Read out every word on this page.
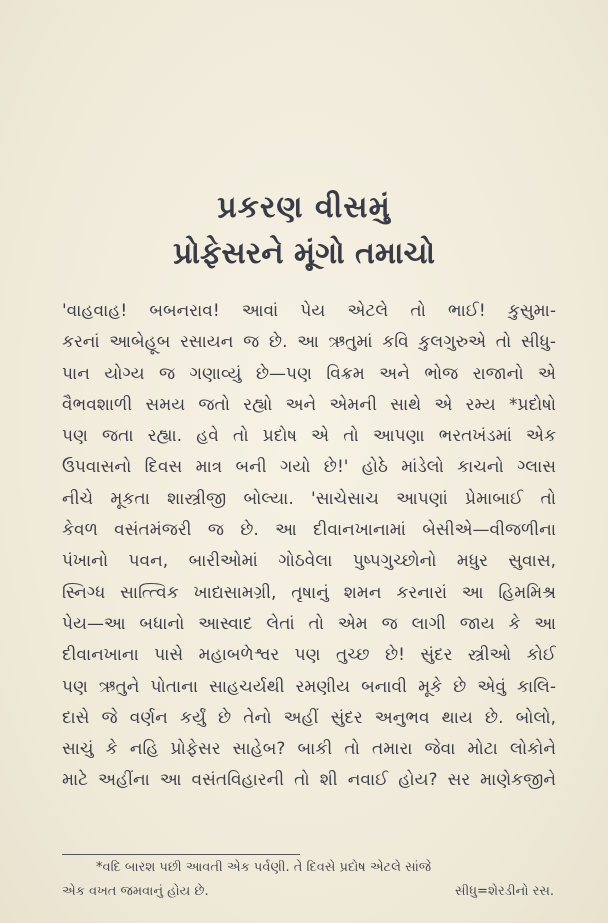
પ્રકરણ વીસમું
પ્રોફેસરને મૂંગો તમાચો
'વાહવાહ! બબનરાવ! આવાં પેય એટલે તો ભાઈ! કુસુમા-
કરનાં આબેહૂબ રસાયન જ છે. આ ઋતુમાં કવિ કુલગુરુએ તો સીધુ-
પાન યોગ્ય જ ગણાવ્યું છે—પણ વિક્રમ અને ભોજ રાજાનો એ
વૈભવશાળી સમય જતો રહ્યો અને એમની સાથે એ રમ્ય *પ્રદોષો
પણ જતા રહ્યા. હવે તો પ્રદોષ એ તો આપણા ભરતખંડમાં એક
ઉપવાસનો દિવસ માત્ર બની ગયો છે!' હોઠે માંડેલો કાચનો ગ્લાસ
નીચે મૂકતા શાસ્ત્રીજી બોલ્યા. 'સાચેસાચ આપણાં પ્રેમાબાઈ તો
કેવળ વસંતમંજરી જ છે. આ દીવાનખાનામાં બેસીએ—વીજળીના
પંખાનો પવન, બારીઓમાં ગોઠવેલા પુષ્પગુચ્છોનો મધુર સુવાસ,
સ્નિગ્ધ સાત્ત્વિક ખાદ્યસામગ્રી, તૃષાનું શમન કરનારાં આ હિમમિશ્ર
પેય—આ બધાનો આસ્વાદ લેતાં તો એમ જ લાગી જાય કે આ
દીવાનખાના પાસે મહાબળેશ્વર પણ તુચ્છ છે! સુંદર સ્ત્રીઓ કોઈ
પણ ઋતુને પોતાના સાહચર્યથી રમણીય બનાવી મૂકે છે એવું કાલિ-
દાસે જે વર્ણન કર્યું છે તેનો અહીં સુંદર અનુભવ થાય છે. બોલો,
સાચું કે નહિ પ્રોફેસર સાહેબ? બાકી તો તમારા જેવા મોટા લોકોને
માટે અહીંના આ વસંતવિહારની તો શી નવાઈ હોય? સર માણેકજીને
*વદિ બારશ પછી આવતી એક પર્વણી. તે દિવસે પ્રદોષ એટલે સાંજે
એક વખત જમવાનું હોય છે.	સીધુ=શેરડીનો રસ.
